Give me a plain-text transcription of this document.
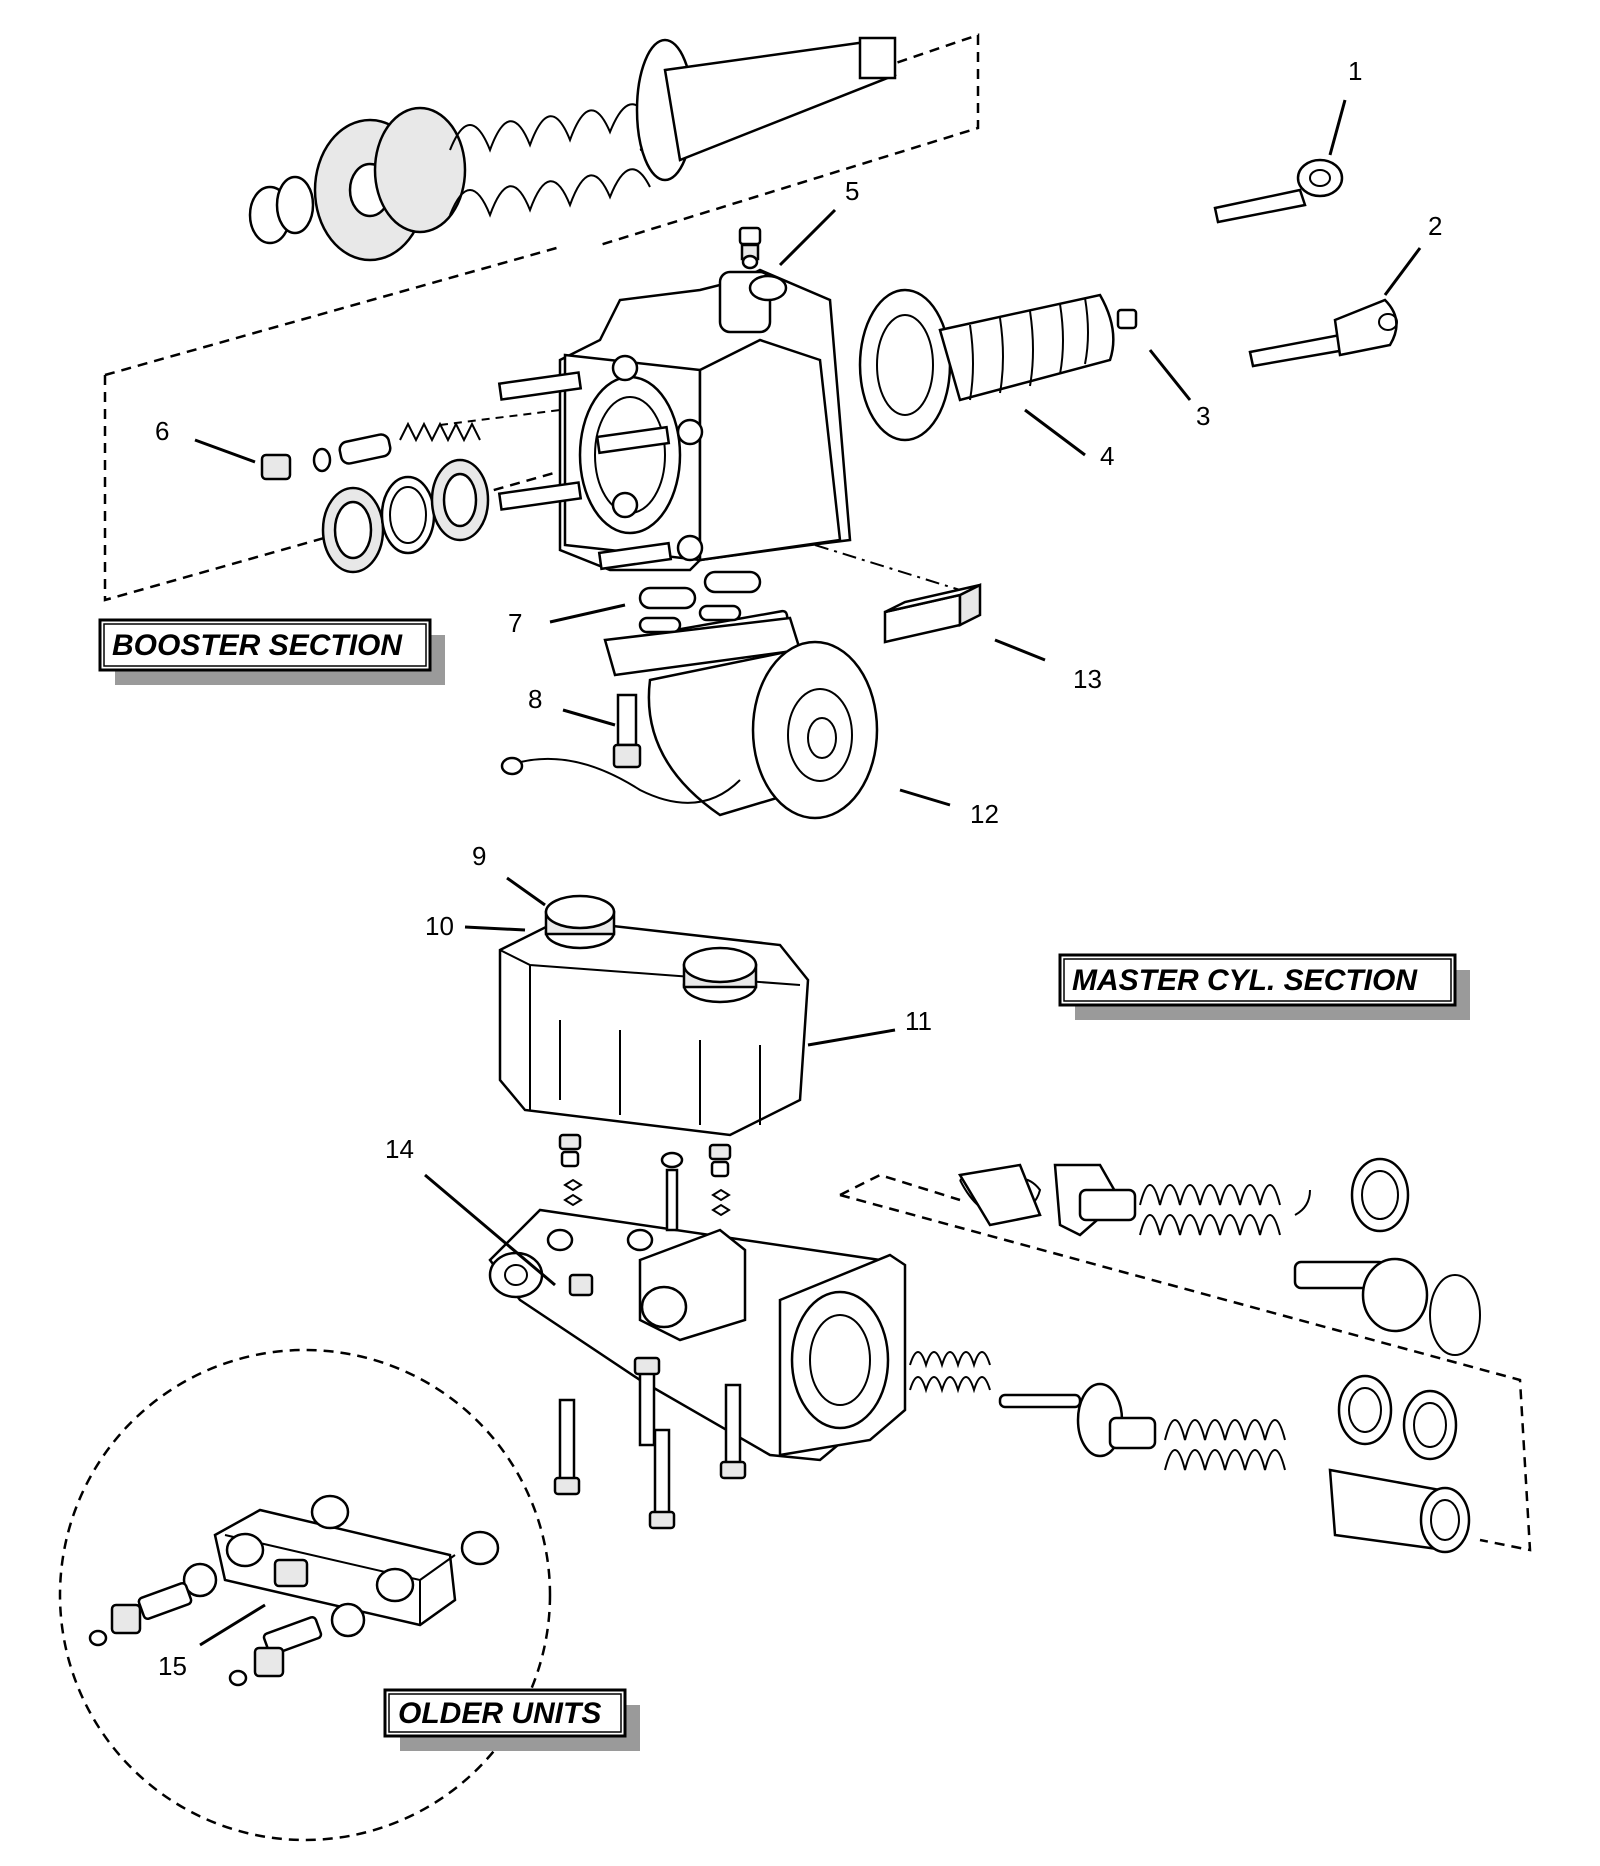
1
2
3
4
5
6
7
8
9
10
11
12
13
14
15
BOOSTER SECTION
MASTER CYL. SECTION
OLDER UNITS
